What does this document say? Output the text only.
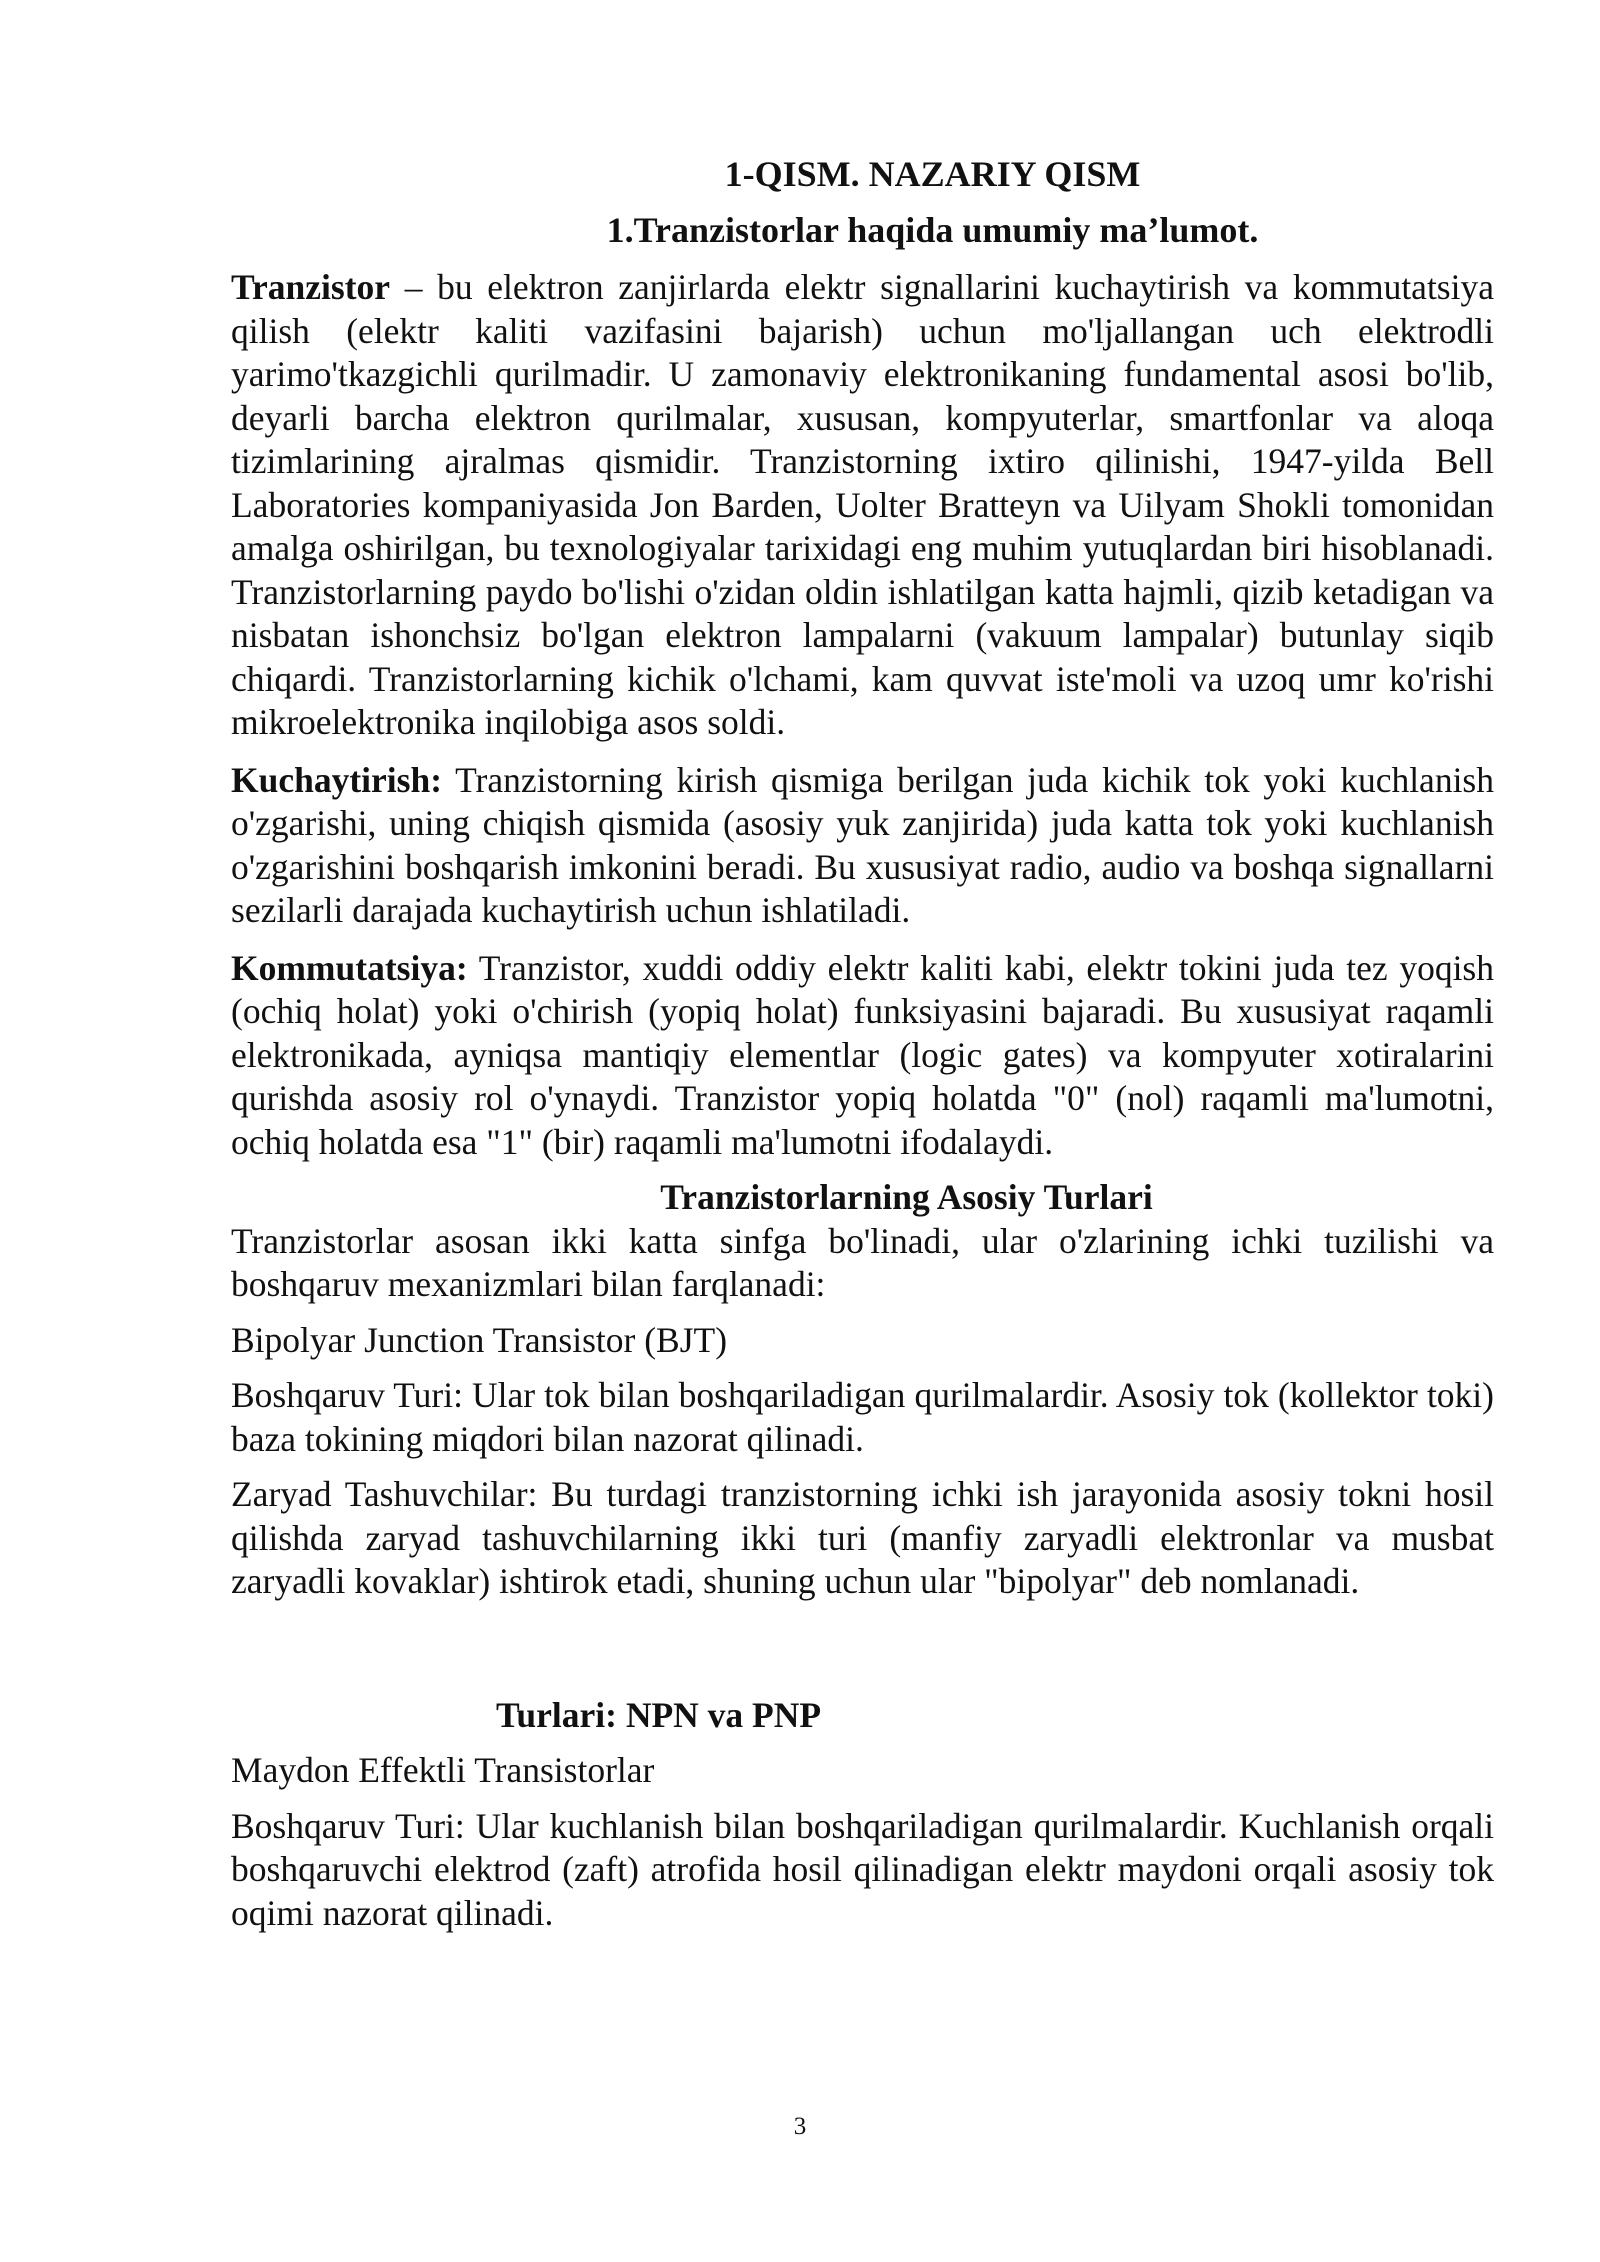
1-QISM. NAZARIY QISM
1.Tranzistorlar haqida umumiy ma’lumot.

Tranzistor – bu elektron zanjirlarda elektr signallarini kuchaytirish va kommutatsiya qilish (elektr kaliti vazifasini bajarish) uchun mo'ljallangan uch elektrodli yarimo'tkazgichli qurilmadir. U zamonaviy elektronikaning fundamental asosi bo'lib, deyarli barcha elektron qurilmalar, xususan, kompyuterlar, smartfonlar va aloqa tizimlarining ajralmas qismidir. Tranzistorning ixtiro qilinishi, 1947-yilda Bell Laboratories kompaniyasida Jon Barden, Uolter Bratteyn va Uilyam Shokli tomonidan amalga oshirilgan, bu texnologiyalar tarixidagi eng muhim yutuqlardan biri hisoblanadi. Tranzistorlarning paydo bo'lishi o'zidan oldin ishlatilgan katta hajmli, qizib ketadigan va nisbatan ishonchsiz bo'lgan elektron lampalarni (vakuum lampalar) butunlay siqib chiqardi. Tranzistorlarning kichik o'lchami, kam quvvat iste'moli va uzoq umr ko'rishi mikroelektronika inqilobiga asos soldi.

Kuchaytirish: Tranzistorning kirish qismiga berilgan juda kichik tok yoki kuchlanish o'zgarishi, uning chiqish qismida (asosiy yuk zanjirida) juda katta tok yoki kuchlanish o'zgarishini boshqarish imkonini beradi. Bu xususiyat radio, audio va boshqa signallarni sezilarli darajada kuchaytirish uchun ishlatiladi.

Kommutatsiya: Tranzistor, xuddi oddiy elektr kaliti kabi, elektr tokini juda tez yoqish (ochiq holat) yoki o'chirish (yopiq holat) funksiyasini bajaradi. Bu xususiyat raqamli elektronikada, ayniqsa mantiqiy elementlar (logic gates) va kompyuter xotiralarini qurishda asosiy rol o'ynaydi. Tranzistor yopiq holatda "0" (nol) raqamli ma'lumotni, ochiq holatda esa "1" (bir) raqamli ma'lumotni ifodalaydi.

Tranzistorlarning Asosiy Turlari

Tranzistorlar asosan ikki katta sinfga bo'linadi, ular o'zlarining ichki tuzilishi va boshqaruv mexanizmlari bilan farqlanadi:

Bipolyar Junction Transistor (BJT)

Boshqaruv Turi: Ular tok bilan boshqariladigan qurilmalardir. Asosiy tok (kollektor toki) baza tokining miqdori bilan nazorat qilinadi.

Zaryad Tashuvchilar: Bu turdagi tranzistorning ichki ish jarayonida asosiy tokni hosil qilishda zaryad tashuvchilarning ikki turi (manfiy zaryadli elektronlar va musbat zaryadli kovaklar) ishtirok etadi, shuning uchun ular "bipolyar" deb nomlanadi.

Turlari: NPN va PNP

Maydon Effektli Transistorlar

Boshqaruv Turi: Ular kuchlanish bilan boshqariladigan qurilmalardir. Kuchlanish orqali boshqaruvchi elektrod (zaft) atrofida hosil qilinadigan elektr maydoni orqali asosiy tok oqimi nazorat qilinadi.

3
